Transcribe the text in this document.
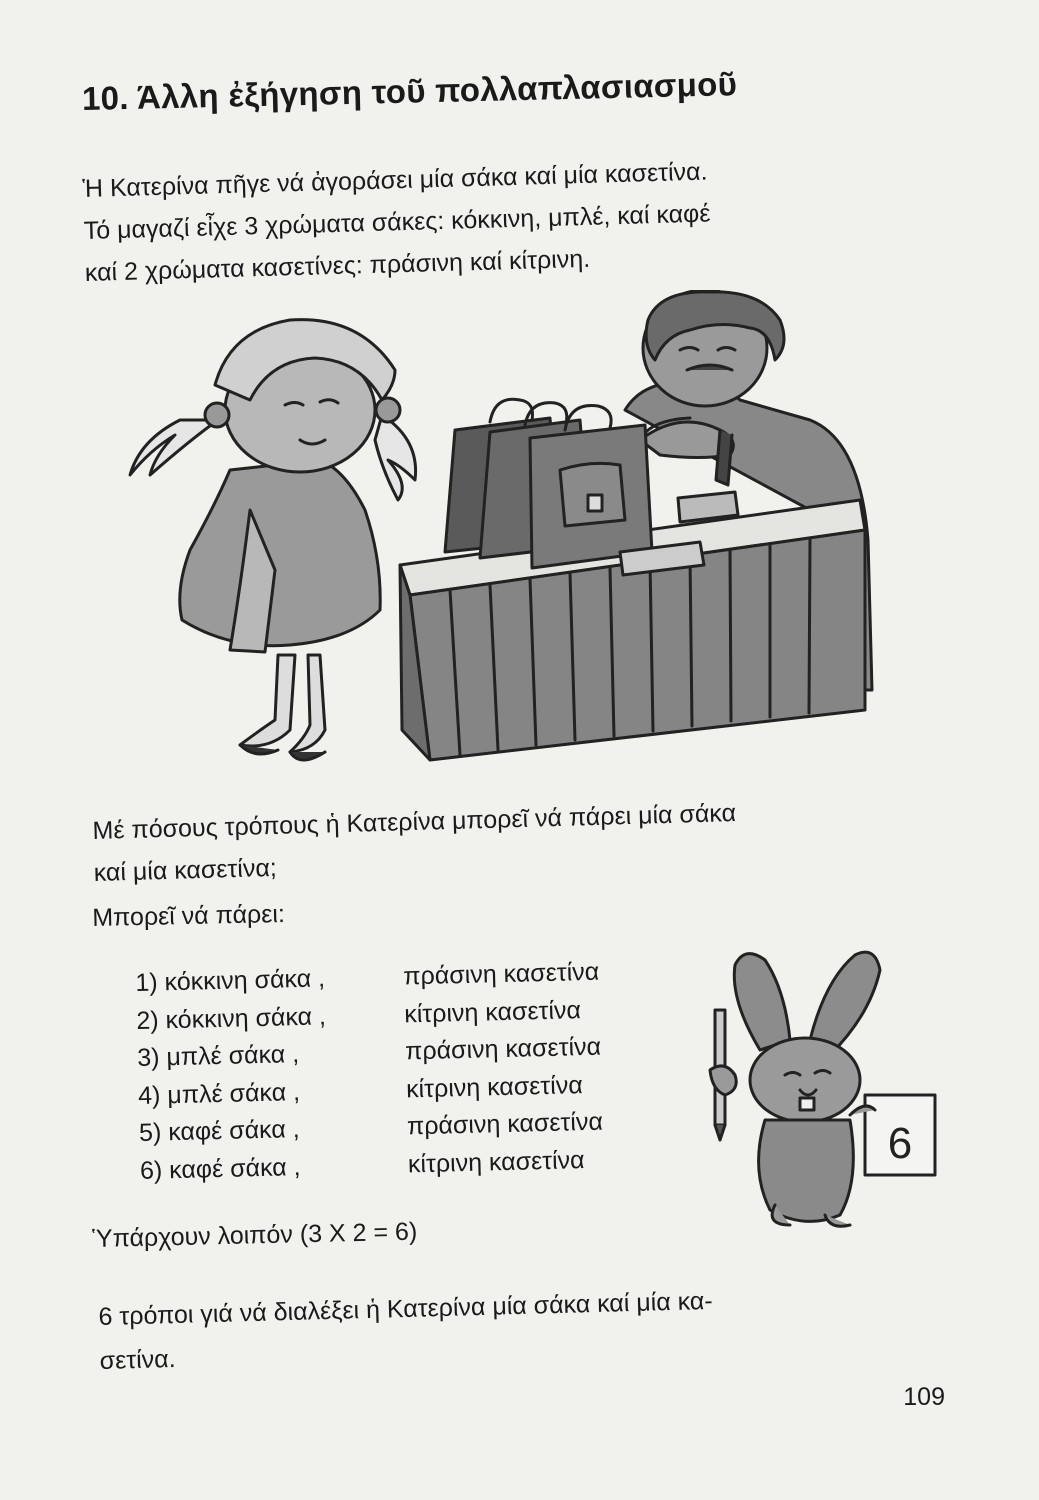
10. Άλλη ἐξήγηση τοῦ πολλαπλασιασμοῦ
Ἡ Κατερίνα πῆγε νά ἀγοράσει μία σάκα καί μία κασετίνα.
Τό μαγαζί εἶχε 3 χρώματα σάκες: κόκκινη, μπλέ, καί καφέ
καί 2 χρώματα κασετίνες: πράσινη καί κίτρινη.
Μέ πόσους τρόπους ἡ Κατερίνα μπορεῖ νά πάρει μία σάκα
καί μία κασετίνα;
Μπορεῖ νά πάρει:
1) κόκκινη σάκα ,	πράσινη κασετίνα
2) κόκκινη σάκα ,	κίτρινη κασετίνα
3) μπλέ σάκα ,	πράσινη κασετίνα
4) μπλέ σάκα ,	κίτρινη κασετίνα
5) καφέ σάκα ,	πράσινη κασετίνα
6) καφέ σάκα ,	κίτρινη κασετίνα	6
Ὑπάρχουν λοιπόν (3 Χ 2 = 6)
6 τρόποι γιά νά διαλέξει ἡ Κατερίνα μία σάκα καί μία κα-
σετίνα.
109
